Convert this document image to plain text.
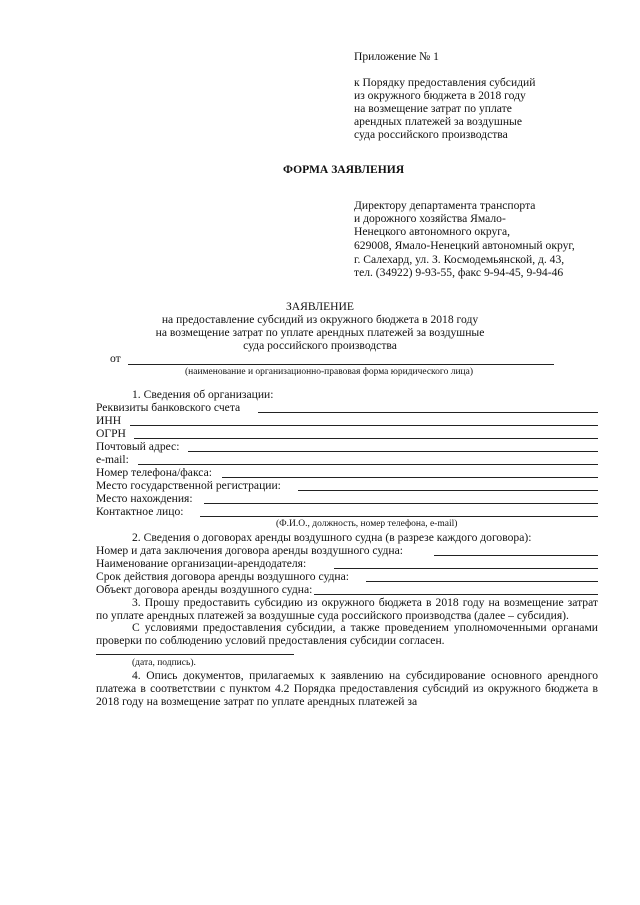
Приложение № 1
к Порядку предоставления субсидий
из окружного бюджета в 2018 году
на возмещение затрат по уплате
арендных платежей за воздушные
суда российского производства
ФОРМА ЗАЯВЛЕНИЯ
Директору департамента транспорта
и дорожного хозяйства Ямало-
Ненецкого автономного округа,
629008, Ямало-Ненецкий автономный округ,
г. Салехард, ул. З. Космодемьянской, д. 43,
тел. (34922) 9-93-55, факс 9-94-45, 9-94-46
ЗАЯВЛЕНИЕ
на предоставление субсидий из окружного бюджета в 2018 году
на возмещение затрат по уплате арендных платежей за воздушные
суда российского производства
от
(наименование и организационно-правовая форма юридического лица)
1. Сведения об организации:
Реквизиты банковского счета
ИНН
ОГРН
Почтовый адрес:
e-mail:
Номер телефона/факса:
Место государственной регистрации:
Место нахождения:
Контактное лицо:
(Ф.И.О., должность, номер телефона, e-mail)
2. Сведения о договорах аренды воздушного судна (в разрезе каждого договора):
Номер и дата заключения договора аренды воздушного судна:
Наименование организации-арендодателя:
Срок действия договора аренды воздушного судна:
Объект договора аренды воздушного судна:
3. Прошу предоставить субсидию из окружного бюджета в 2018 году на возмещение затрат по уплате арендных платежей за воздушные суда российского производства (далее – субсидия).
С условиями предоставления субсидии, а также проведением уполномоченными органами проверки по соблюдению условий предоставления субсидии согласен.
(дата, подпись).
4. Опись документов, прилагаемых к заявлению на субсидирование основного арендного платежа в соответствии с пунктом 4.2 Порядка предоставления субсидий из окружного бюджета в 2018 году на возмещение затрат по уплате арендных платежей за
